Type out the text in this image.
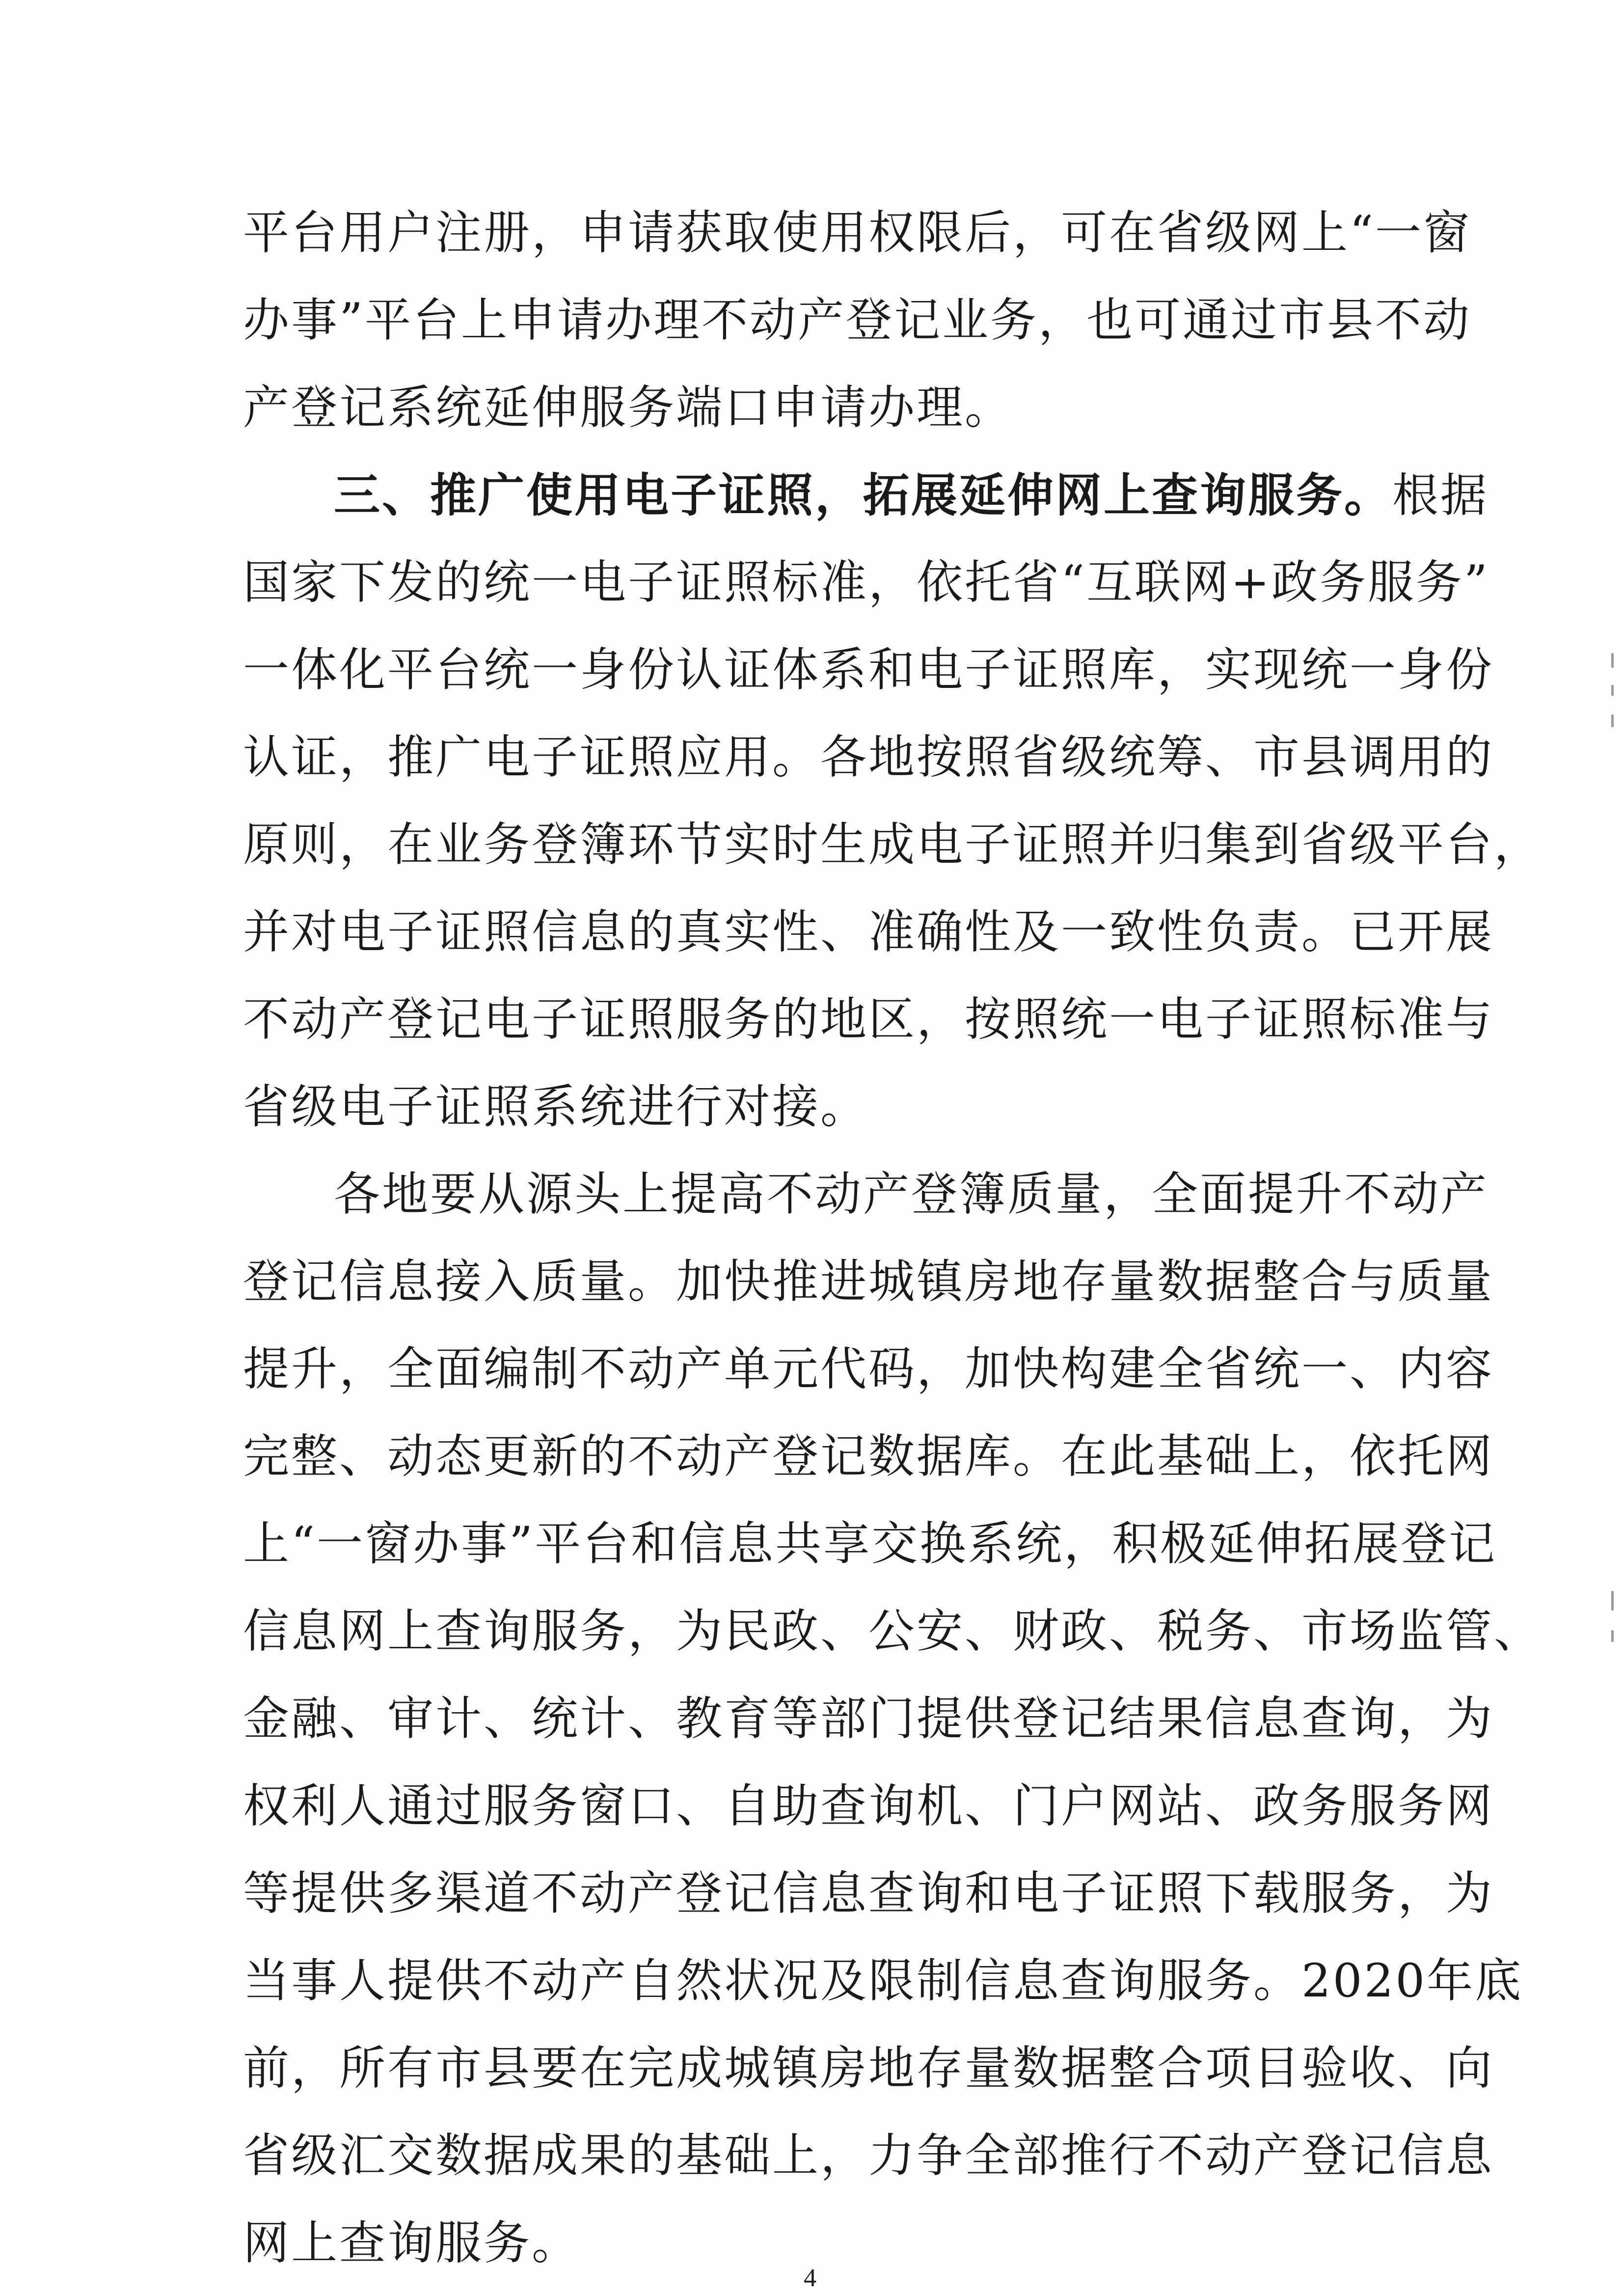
平台用户注册，申请获取使用权限后，可在省级网上“一窗
办事”平台上申请办理不动产登记业务，也可通过市县不动
产登记系统延伸服务端口申请办理。
三、推广使用电子证照，拓展延伸网上查询服务。根据
国家下发的统一电子证照标准，依托省“互联网+政务服务”
一体化平台统一身份认证体系和电子证照库，实现统一身份
认证，推广电子证照应用。各地按照省级统筹、市县调用的
原则，在业务登簿环节实时生成电子证照并归集到省级平台，
并对电子证照信息的真实性、准确性及一致性负责。已开展
不动产登记电子证照服务的地区，按照统一电子证照标准与
省级电子证照系统进行对接。
各地要从源头上提高不动产登簿质量，全面提升不动产
登记信息接入质量。加快推进城镇房地存量数据整合与质量
提升，全面编制不动产单元代码，加快构建全省统一、内容
完整、动态更新的不动产登记数据库。在此基础上，依托网
上“一窗办事”平台和信息共享交换系统，积极延伸拓展登记
信息网上查询服务，为民政、公安、财政、税务、市场监管、
金融、审计、统计、教育等部门提供登记结果信息查询，为
权利人通过服务窗口、自助查询机、门户网站、政务服务网
等提供多渠道不动产登记信息查询和电子证照下载服务，为
当事人提供不动产自然状况及限制信息查询服务。2020年底
前，所有市县要在完成城镇房地存量数据整合项目验收、向
省级汇交数据成果的基础上，力争全部推行不动产登记信息
网上查询服务。
4
